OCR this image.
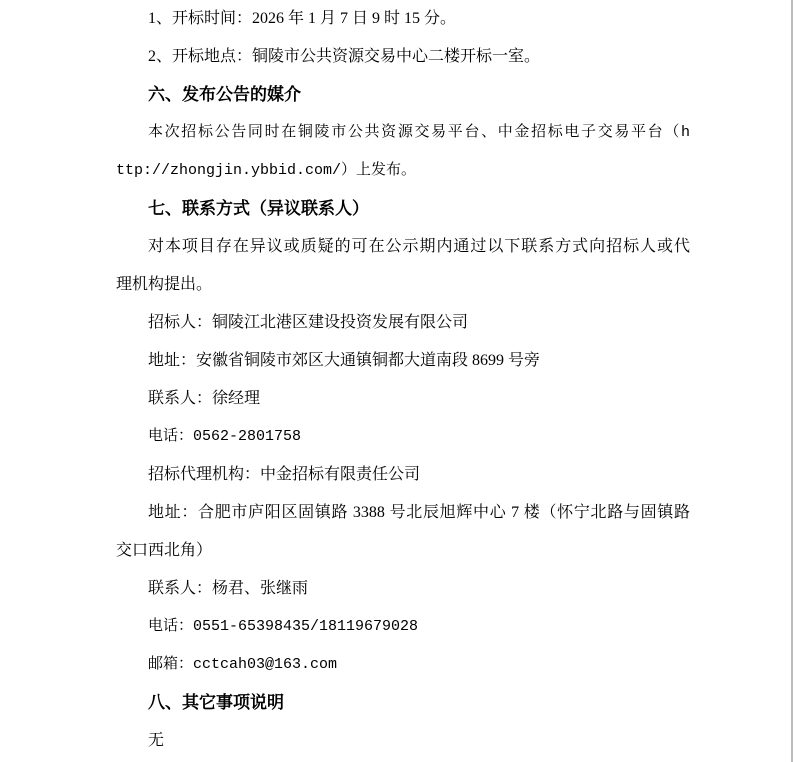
1、开标时间：2026 年 1 月 7 日 9 时 15 分。
2、开标地点：铜陵市公共资源交易中心二楼开标一室。
六、发布公告的媒介
本次招标公告同时在铜陵市公共资源交易平台、中金招标电子交易平台（h
ttp://zhongjin.ybbid.com/）上发布。
七、联系方式（异议联系人）
对本项目存在异议或质疑的可在公示期内通过以下联系方式向招标人或代
理机构提出。
招标人：铜陵江北港区建设投资发展有限公司
地址：安徽省铜陵市郊区大通镇铜都大道南段 8699 号旁
联系人：徐经理
电话：0562-2801758
招标代理机构：中金招标有限责任公司
地址：合肥市庐阳区固镇路 3388 号北辰旭辉中心 7 楼（怀宁北路与固镇路
交口西北角）
联系人：杨君、张继雨
电话：0551-65398435/18119679028
邮箱：cctcah03@163.com
八、其它事项说明
无
